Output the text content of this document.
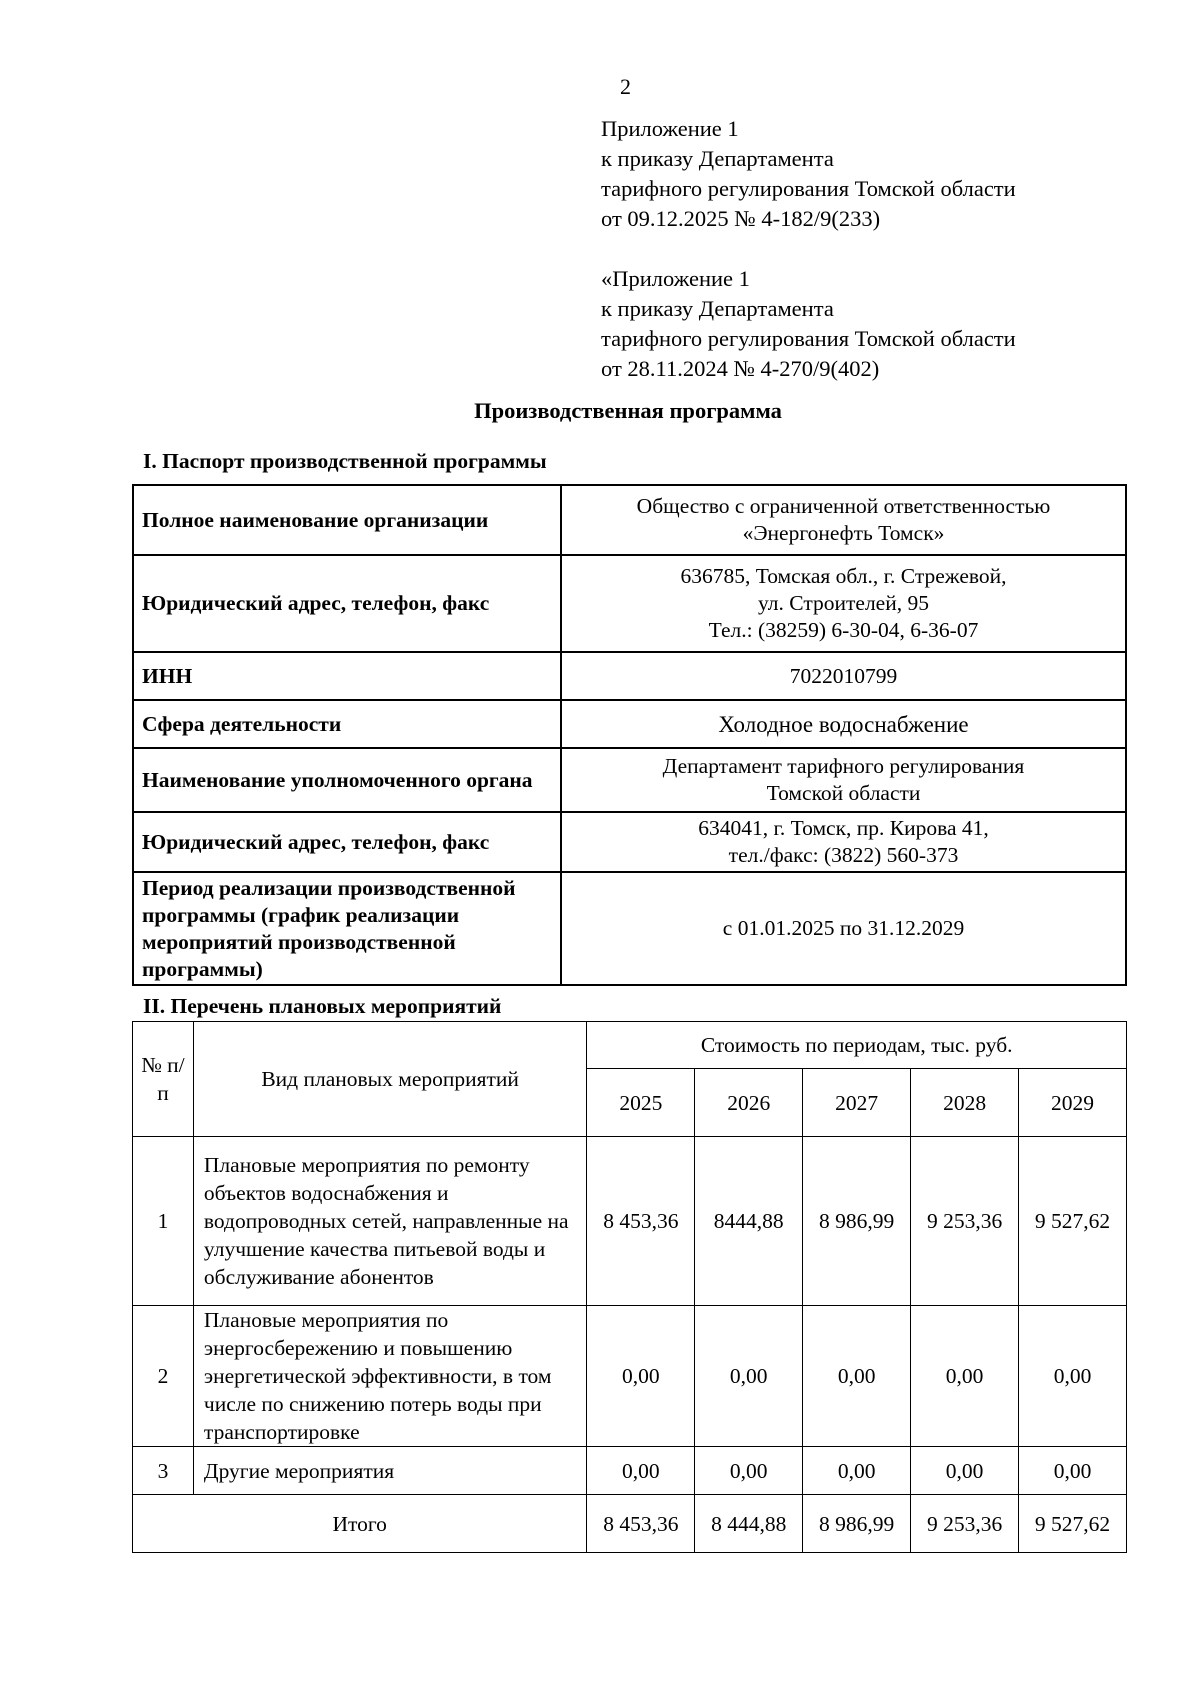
2
Приложение 1
к приказу Департамента
тарифного регулирования Томской области
от 09.12.2025 № 4-182/9(233)
«Приложение 1
к приказу Департамента
тарифного регулирования Томской области
от 28.11.2024 № 4-270/9(402)
Производственная программа
I. Паспорт производственной программы
Полное наименование организации	Общество с ограниченной ответственностью
«Энергонефть Томск»

Юридический адрес, телефон, факс	636785, Томская обл., г. Стрежевой,
ул. Строителей, 95
Тел.: (38259) 6-30-04, 6-36-07

ИНН	7022010799

Сфера деятельности	Холодное водоснабжение

Наименование уполномоченного органа	Департамент тарифного регулирования
Томской области

Юридический адрес, телефон, факс	634041, г. Томск, пр. Кирова 41,
тел./факс: (3822) 560-373

Период реализации производственной программы (график реализации мероприятий производственной программы)	с 01.01.2025 по 31.12.2029
II. Перечень плановых мероприятий
№ п/п	Вид плановых мероприятий	Стоимость по периодам, тыс. руб.				
		2025	2026	2027	2028	2029
1	Плановые мероприятия по ремонту объектов водоснабжения и водопроводных сетей, направленные на улучшение качества питьевой воды и обслуживание абонентов	8 453,36	8444,88	8 986,99	9 253,36	9 527,62
2	Плановые мероприятия по энергосбережению и повышению энергетической эффективности, в том числе по снижению потерь воды при транспортировке	0,00	0,00	0,00	0,00	0,00
3	Другие мероприятия	0,00	0,00	0,00	0,00	0,00
Итого		8 453,36	8 444,88	8 986,99	9 253,36	9 527,62
